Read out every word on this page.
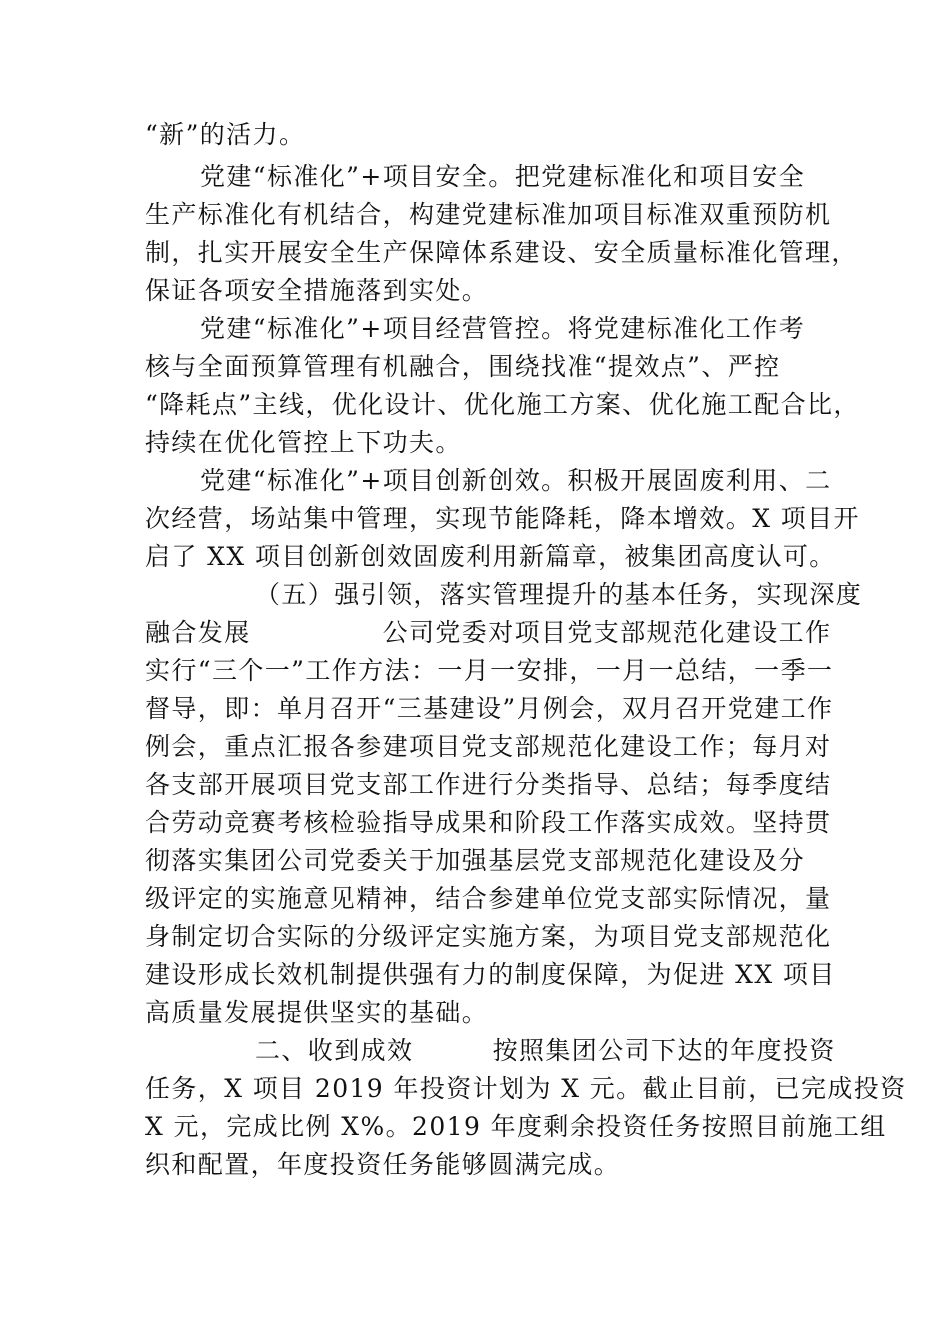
“新”的活力。
党建“标准化”+项目安全。把党建标准化和项目安全
生产标准化有机结合，构建党建标准加项目标准双重预防机
制，扎实开展安全生产保障体系建设、安全质量标准化管理，
保证各项安全措施落到实处。
党建“标准化”+项目经营管控。将党建标准化工作考
核与全面预算管理有机融合，围绕找准“提效点”、严控
“降耗点”主线，优化设计、优化施工方案、优化施工配合比，
持续在优化管控上下功夫。
党建“标准化”+项目创新创效。积极开展固废利用、二
次经营，场站集中管理，实现节能降耗，降本增效。X 项目开
启了 XX 项目创新创效固废利用新篇章，被集团高度认可。
（五）强引领，落实管理提升的基本任务，实现深度
融合发展　　　　　公司党委对项目党支部规范化建设工作
实行“三个一”工作方法：一月一安排，一月一总结，一季一
督导，即：单月召开“三基建设”月例会，双月召开党建工作
例会，重点汇报各参建项目党支部规范化建设工作；每月对
各支部开展项目党支部工作进行分类指导、总结；每季度结
合劳动竞赛考核检验指导成果和阶段工作落实成效。坚持贯
彻落实集团公司党委关于加强基层党支部规范化建设及分
级评定的实施意见精神，结合参建单位党支部实际情况，量
身制定切合实际的分级评定实施方案，为项目党支部规范化
建设形成长效机制提供强有力的制度保障，为促进 XX 项目
高质量发展提供坚实的基础。
二、收到成效　　　按照集团公司下达的年度投资
任务，X 项目 2019 年投资计划为 X 元。截止目前，已完成投资
X 元，完成比例 X%。2019 年度剩余投资任务按照目前施工组
织和配置，年度投资任务能够圆满完成。
